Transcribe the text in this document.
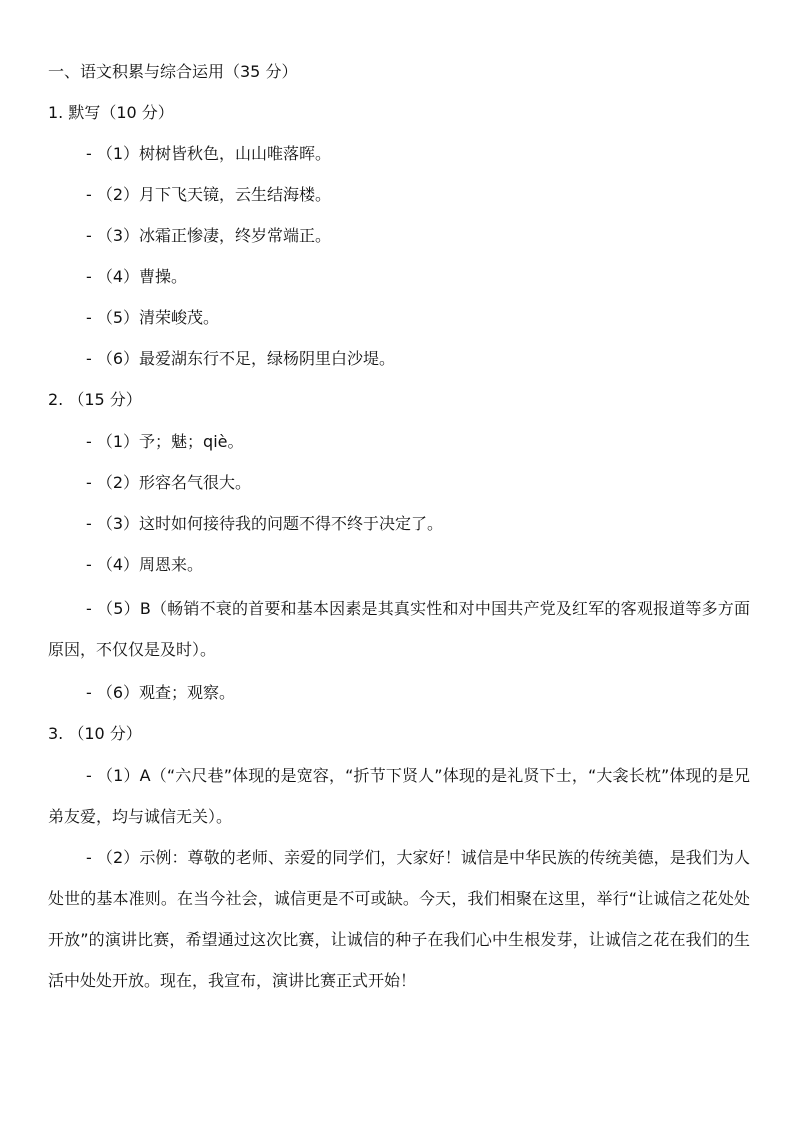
一、语文积累与综合运用（35 分）
1. 默写（10 分）
- （1）树树皆秋色，山山唯落晖。
- （2）月下飞天镜，云生结海楼。
- （3）冰霜正惨凄，终岁常端正。
- （4）曹操。
- （5）清荣峻茂。
- （6）最爱湖东行不足，绿杨阴里白沙堤。
2. （15 分）
- （1）予；魅；qiè。
- （2）形容名气很大。
- （3）这时如何接待我的问题不得不终于决定了。
- （4）周恩来。
- （5）B（畅销不衰的首要和基本因素是其真实性和对中国共产党及红军的客观报道等多方面原因，不仅仅是及时）。
- （6）观查；观察。
3. （10 分）
- （1）A（“六尺巷”体现的是宽容，“折节下贤人”体现的是礼贤下士，“大衾长枕”体现的是兄弟友爱，均与诚信无关）。
- （2）示例：尊敬的老师、亲爱的同学们，大家好！诚信是中华民族的传统美德，是我们为人处世的基本准则。在当今社会，诚信更是不可或缺。今天，我们相聚在这里，举行“让诚信之花处处开放”的演讲比赛，希望通过这次比赛，让诚信的种子在我们心中生根发芽，让诚信之花在我们的生活中处处开放。现在，我宣布，演讲比赛正式开始！
